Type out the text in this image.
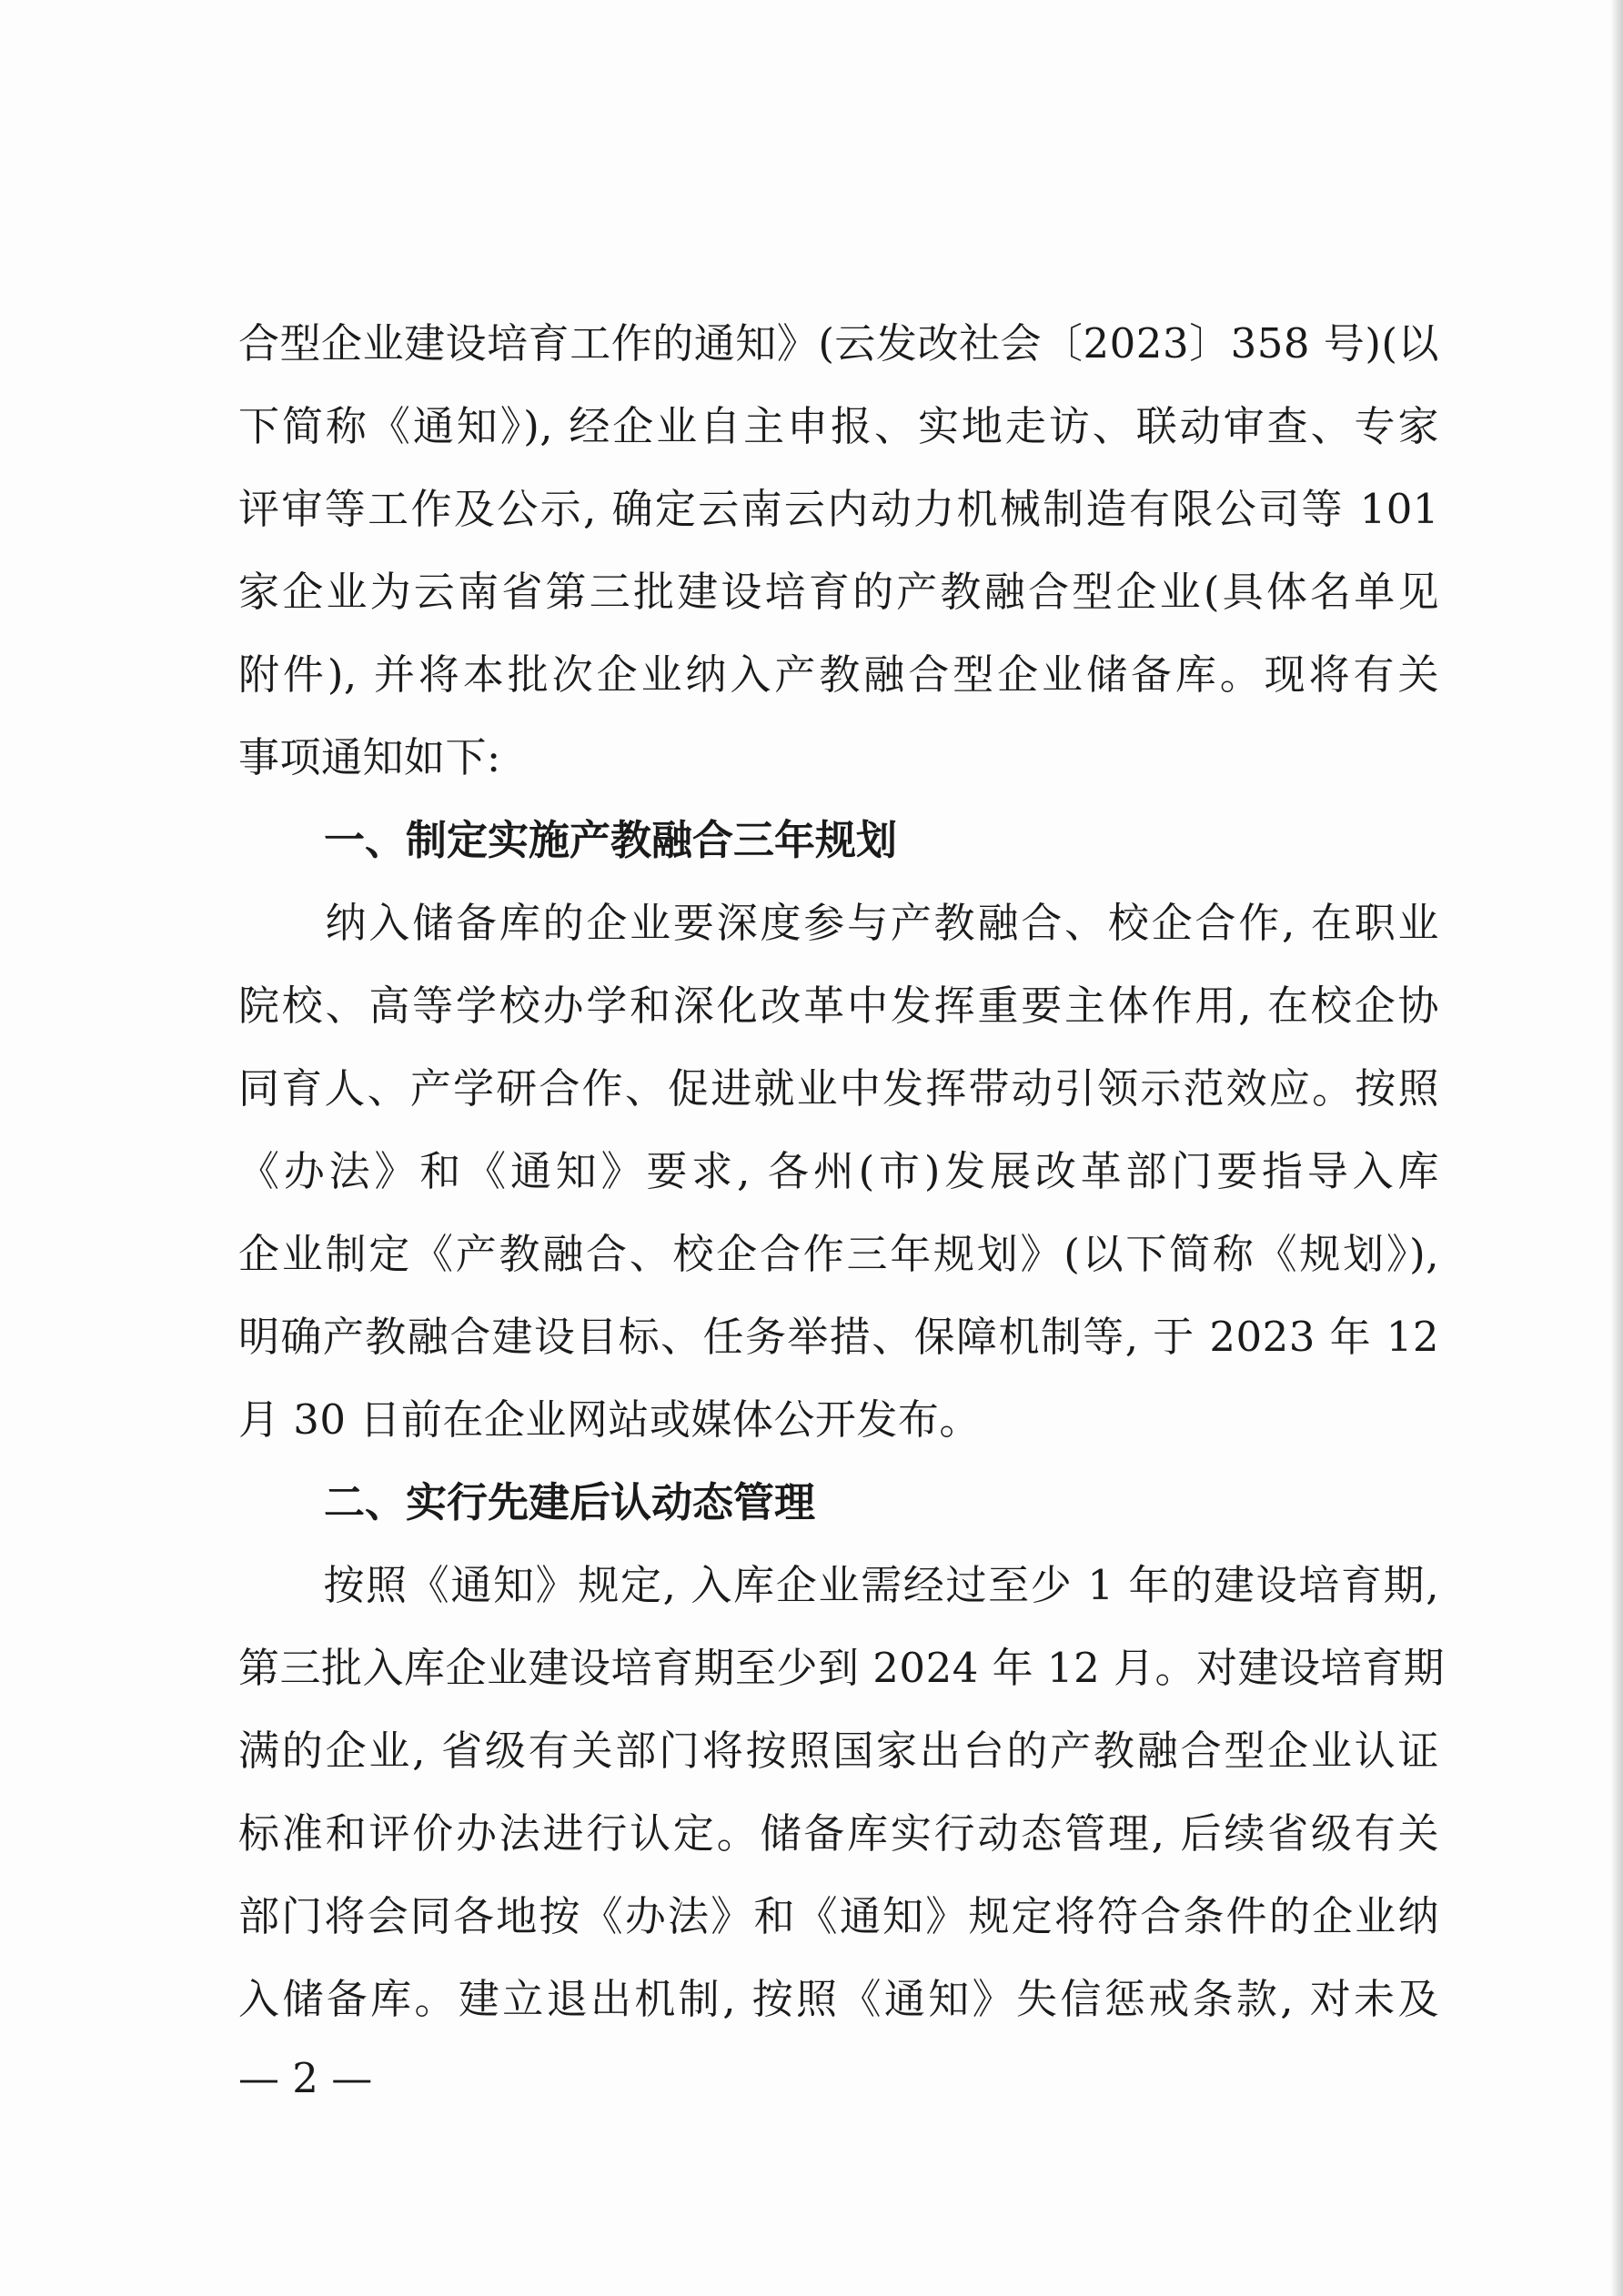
合型企业建设培育工作的通知》(云发改社会〔2023〕358 号)(以
下简称《通知》), 经企业自主申报、实地走访、联动审查、专家
评审等工作及公示, 确定云南云内动力机械制造有限公司等 101
家企业为云南省第三批建设培育的产教融合型企业(具体名单见
附件), 并将本批次企业纳入产教融合型企业储备库。现将有关
事项通知如下:
一、制定实施产教融合三年规划
　　纳入储备库的企业要深度参与产教融合、校企合作, 在职业
院校、高等学校办学和深化改革中发挥重要主体作用, 在校企协
同育人、产学研合作、促进就业中发挥带动引领示范效应。按照
《办法》和《通知》要求, 各州(市)发展改革部门要指导入库
企业制定《产教融合、校企合作三年规划》(以下简称《规划》),
明确产教融合建设目标、任务举措、保障机制等, 于 2023 年 12
月 30 日前在企业网站或媒体公开发布。
二、实行先建后认动态管理
　　按照《通知》规定, 入库企业需经过至少 1 年的建设培育期,
第三批入库企业建设培育期至少到 2024 年 12 月。对建设培育期
满的企业, 省级有关部门将按照国家出台的产教融合型企业认证
标准和评价办法进行认定。储备库实行动态管理, 后续省级有关
部门将会同各地按《办法》和《通知》规定将符合条件的企业纳
入储备库。建立退出机制, 按照《通知》失信惩戒条款, 对未及
— 2 —
